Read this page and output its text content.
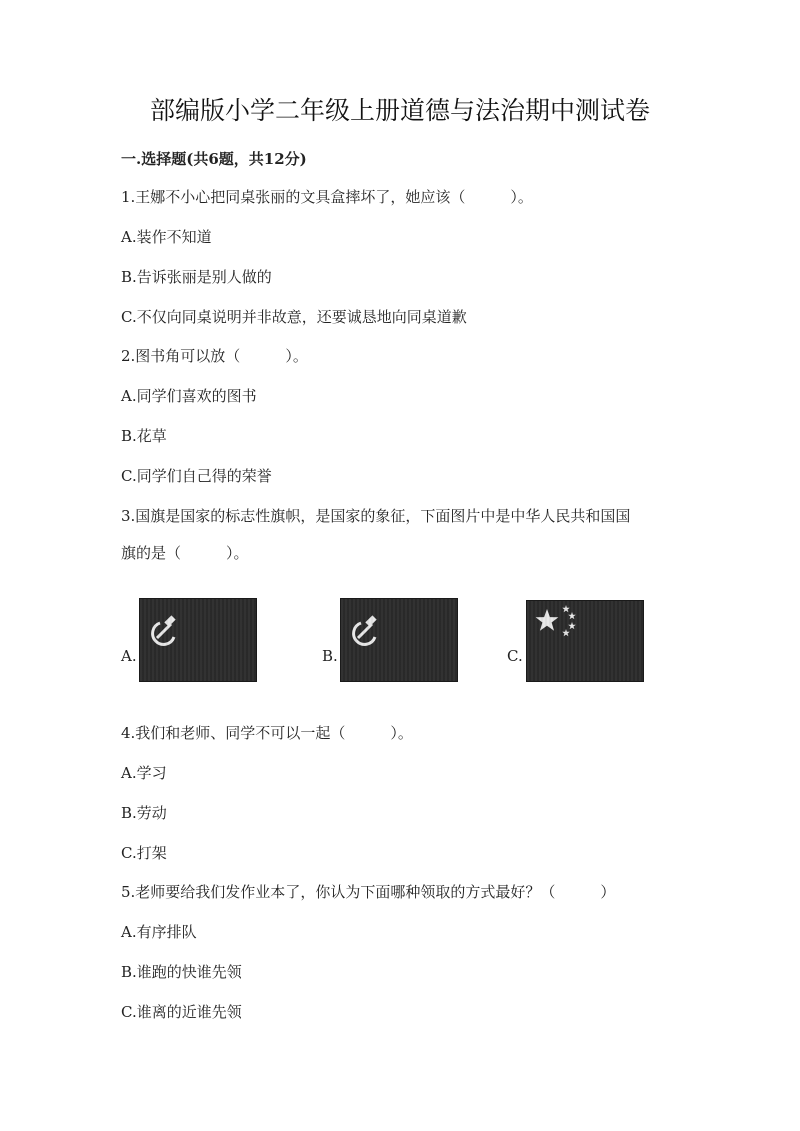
部编版小学二年级上册道德与法治期中测试卷
一.选择题(共6题，共12分)
1.王娜不小心把同桌张丽的文具盒摔坏了，她应该（　　　）。
A.装作不知道
B.告诉张丽是别人做的
C.不仅向同桌说明并非故意，还要诚恳地向同桌道歉
2.图书角可以放（　　　）。
A.同学们喜欢的图书
B.花草
C.同学们自己得的荣誉
3.国旗是国家的标志性旗帜，是国家的象征，下面图片中是中华人民共和国国
旗的是（　　　）。
A.	B.	C.
4.我们和老师、同学不可以一起（　　　）。
A.学习
B.劳动
C.打架
5.老师要给我们发作业本了，你认为下面哪种领取的方式最好？（　　　）
A.有序排队
B.谁跑的快谁先领
C.谁离的近谁先领
